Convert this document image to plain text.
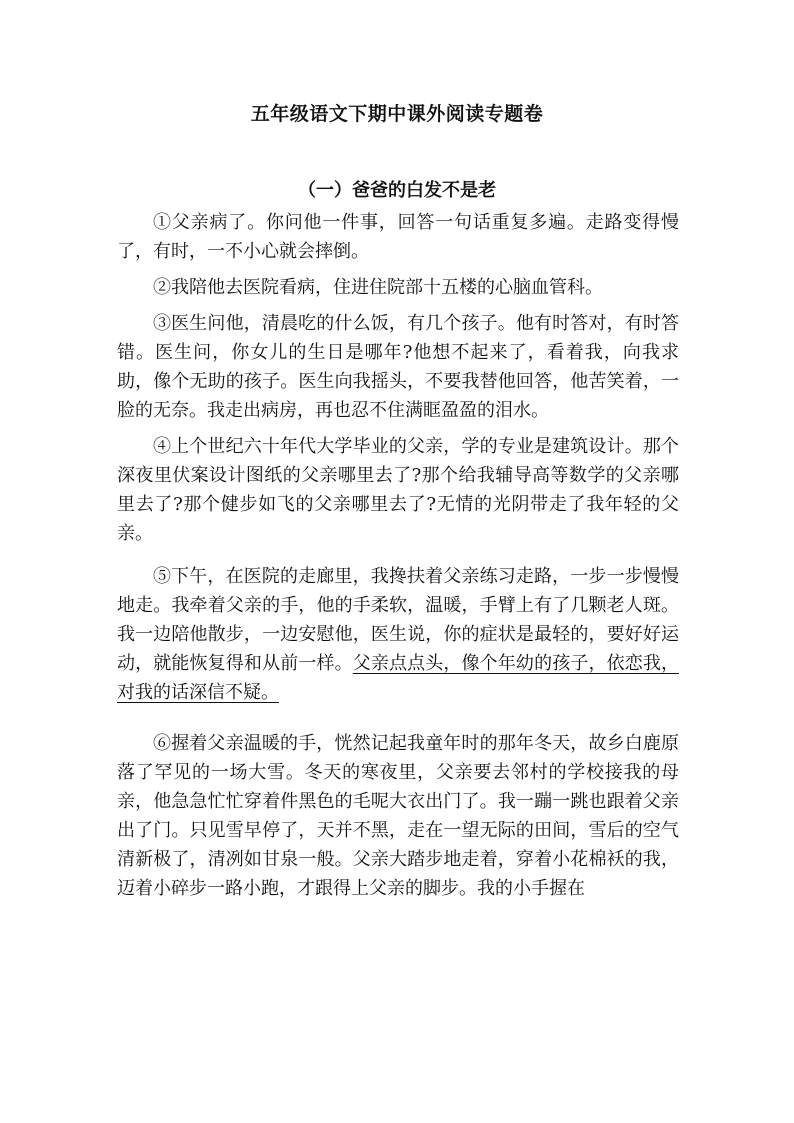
五年级语文下期中课外阅读专题卷
（一）爸爸的白发不是老

①父亲病了。你问他一件事，回答一句话重复多遍。走路变得慢了，有时，一不小心就会摔倒。

②我陪他去医院看病，住进住院部十五楼的心脑血管科。

③医生问他，清晨吃的什么饭，有几个孩子。他有时答对，有时答错。医生问，你女儿的生日是哪年?他想不起来了，看着我，向我求助，像个无助的孩子。医生向我摇头，不要我替他回答，他苦笑着，一脸的无奈。我走出病房，再也忍不住满眶盈盈的泪水。

④上个世纪六十年代大学毕业的父亲，学的专业是建筑设计。那个深夜里伏案设计图纸的父亲哪里去了?那个给我辅导高等数学的父亲哪里去了?那个健步如飞的父亲哪里去了?无情的光阴带走了我年轻的父亲。

⑤下午，在医院的走廊里，我搀扶着父亲练习走路，一步一步慢慢地走。我牵着父亲的手，他的手柔软，温暖，手臂上有了几颗老人斑。我一边陪他散步，一边安慰他，医生说，你的症状是最轻的，要好好运动，就能恢复得和从前一样。父亲点点头，像个年幼的孩子，依恋我，对我的话深信不疑。

⑥握着父亲温暖的手，恍然记起我童年时的那年冬天，故乡白鹿原落了罕见的一场大雪。冬天的寒夜里，父亲要去邻村的学校接我的母亲，他急急忙忙穿着件黑色的毛呢大衣出门了。我一蹦一跳也跟着父亲出了门。只见雪早停了，天并不黑，走在一望无际的田间，雪后的空气清新极了，清冽如甘泉一般。父亲大踏步地走着，穿着小花棉袄的我，迈着小碎步一路小跑，才跟得上父亲的脚步。我的小手握在
